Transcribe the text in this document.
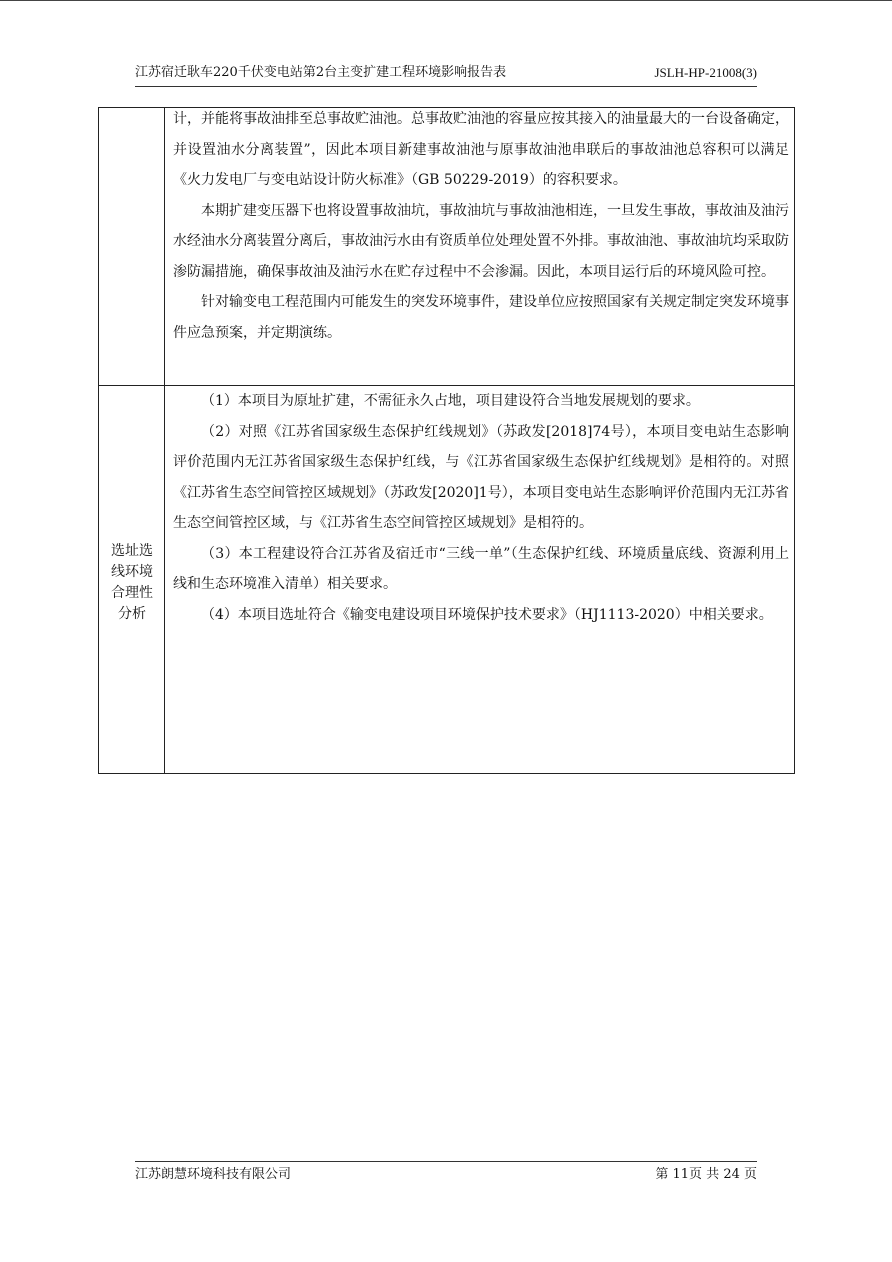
江苏宿迁耿车220千伏变电站第2台主变扩建工程环境影响报告表	JSLH-HP-21008(3)

计，并能将事故油排至总事故贮油池。总事故贮油池的容量应按其接入的油量最大的一台设备确定，并设置油水分离装置”，因此本项目新建事故油池与原事故油池串联后的事故油池总容积可以满足《火力发电厂与变电站设计防火标准》（GB 50229-2019）的容积要求。

本期扩建变压器下也将设置事故油坑，事故油坑与事故油池相连，一旦发生事故，事故油及油污水经油水分离装置分离后，事故油污水由有资质单位处理处置不外排。事故油池、事故油坑均采取防渗防漏措施，确保事故油及油污水在贮存过程中不会渗漏。因此，本项目运行后的环境风险可控。

针对输变电工程范围内可能发生的突发环境事件，建设单位应按照国家有关规定制定突发环境事件应急预案，并定期演练。

选址选线环境合理性分析

（1）本项目为原址扩建，不需征永久占地，项目建设符合当地发展规划的要求。

（2）对照《江苏省国家级生态保护红线规划》（苏政发[2018]74号），本项目变电站生态影响评价范围内无江苏省国家级生态保护红线，与《江苏省国家级生态保护红线规划》是相符的。对照《江苏省生态空间管控区域规划》（苏政发[2020]1号），本项目变电站生态影响评价范围内无江苏省生态空间管控区域，与《江苏省生态空间管控区域规划》是相符的。

（3）本工程建设符合江苏省及宿迁市“三线一单”（生态保护红线、环境质量底线、资源利用上线和生态环境准入清单）相关要求。

（4）本项目选址符合《输变电建设项目环境保护技术要求》（HJ1113-2020）中相关要求。

江苏朗慧环境科技有限公司	第 11页 共 24 页
